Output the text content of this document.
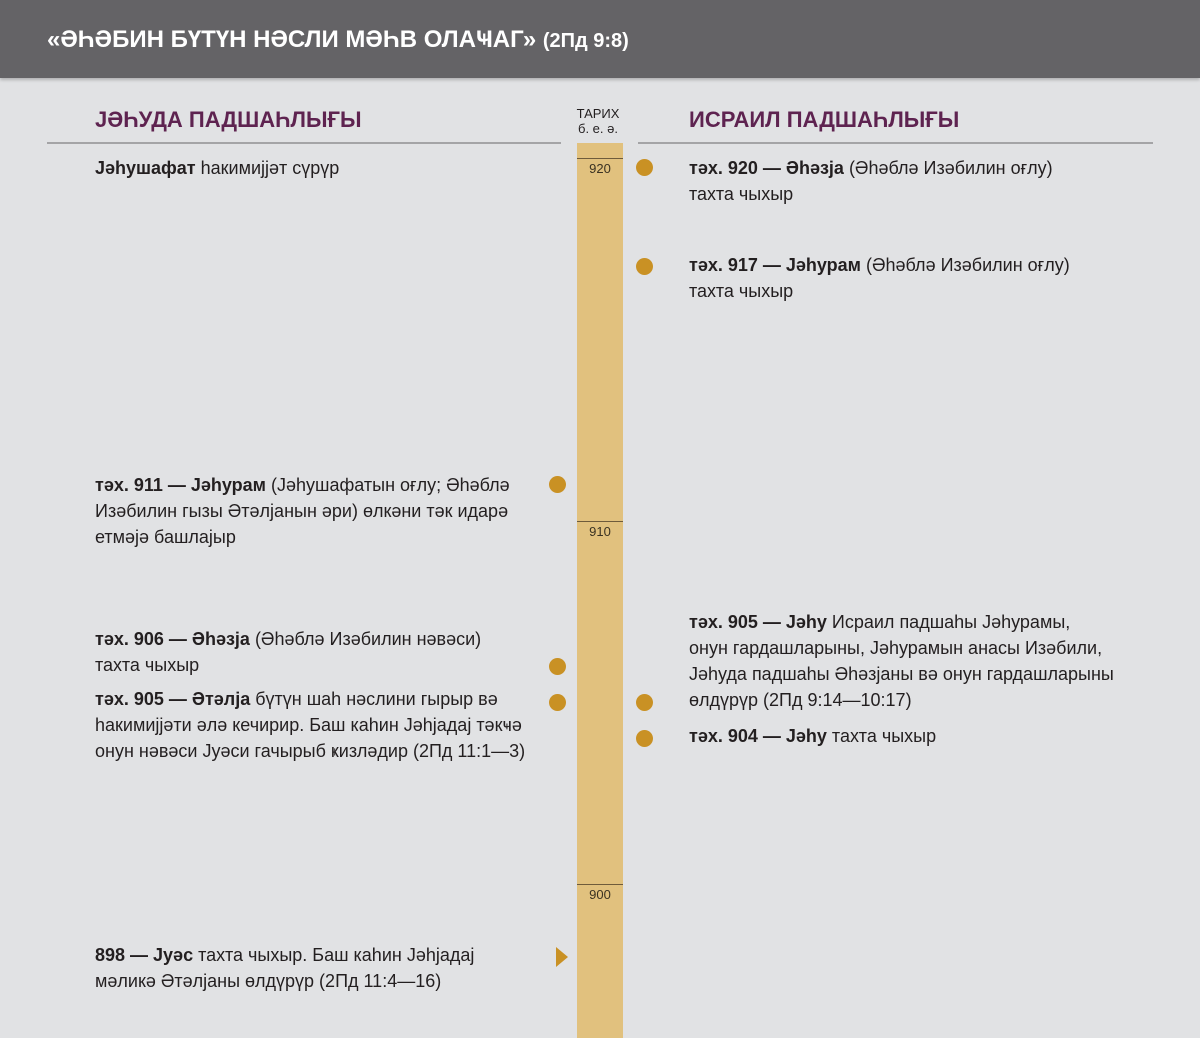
«ӘҺӘБИН БҮТҮН НӘСЛИ МӘҺВ ОЛАҸАГ» (2Пд 9:8)
ЈӘҺУДА ПАДШАҺЛЫҒЫ	ТАРИХ
б. е. ә.	ИСРАИЛ ПАДШАҺЛЫҒЫ
920
910
900
Јәһушафат һакимијјәт сүрүр
тәх. 911 — Јәһурам (Јәһушафатын оғлу; Әһәблә
Изәбилин гызы Әтәлјанын әри) өлкәни тәк идарә
етмәјә башлајыр
тәх. 906 — Әһәзја (Әһәблә Изәбилин нәвәси)
тахта чыхыр
тәх. 905 — Әтәлја бүтүн шаһ нәслини гырыр вә
һакимијјәти әлә кечирир. Баш каһин Јәһјадај тәкҹә
онун нәвәси Јуәси гачырыб ҝизләдир (2Пд 11:1—3)
898 — Јуәс тахта чыхыр. Баш каһин Јәһјадај
мәликә Әтәлјаны өлдүрүр (2Пд 11:4—16)
тәх. 920 — Әһәзја (Әһәблә Изәбилин оғлу)
тахта чыхыр
тәх. 917 — Јәһурам (Әһәблә Изәбилин оғлу)
тахта чыхыр
тәх. 905 — Јәһу Исраил падшаһы Јәһурамы,
онун гардашларыны, Јәһурамын анасы Изәбили,
Јәһуда падшаһы Әһәзјаны вә онун гардашларыны
өлдүрүр (2Пд 9:14—10:17)
тәх. 904 — Јәһу тахта чыхыр
